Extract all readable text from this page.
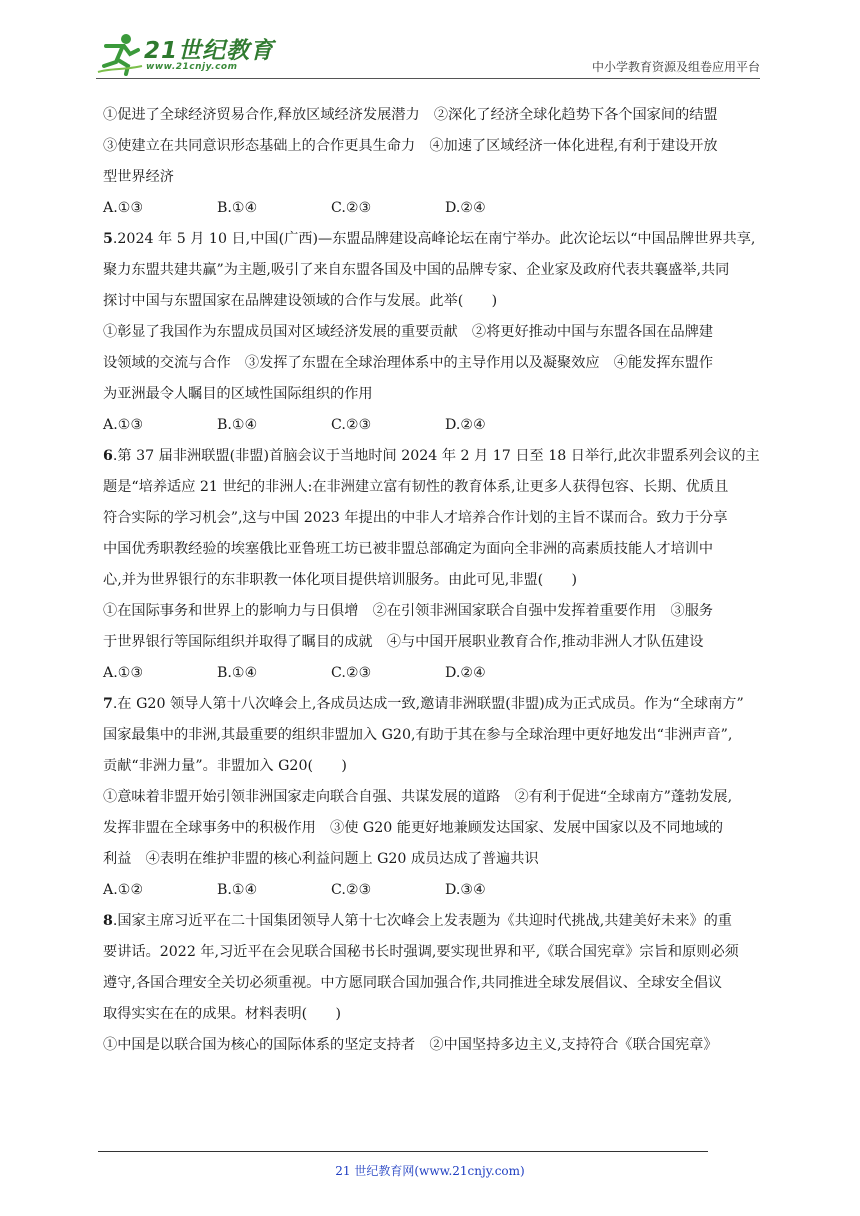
21世纪教育
www.21cnjy.com	中小学教育资源及组卷应用平台
①促进了全球经济贸易合作,释放区域经济发展潜力　②深化了经济全球化趋势下各个国家间的结盟
③使建立在共同意识形态基础上的合作更具生命力　④加速了区域经济一体化进程,有利于建设开放
型世界经济
A.①③	B.①④	C.②③	D.②④
5.2024 年 5 月 10 日,中国(广西)—东盟品牌建设高峰论坛在南宁举办。此次论坛以“中国品牌世界共享,
聚力东盟共建共赢”为主题,吸引了来自东盟各国及中国的品牌专家、企业家及政府代表共襄盛举,共同
探讨中国与东盟国家在品牌建设领域的合作与发展。此举(　　)
①彰显了我国作为东盟成员国对区域经济发展的重要贡献　②将更好推动中国与东盟各国在品牌建
设领域的交流与合作　③发挥了东盟在全球治理体系中的主导作用以及凝聚效应　④能发挥东盟作
为亚洲最令人瞩目的区域性国际组织的作用
A.①③	B.①④	C.②③	D.②④
6.第 37 届非洲联盟(非盟)首脑会议于当地时间 2024 年 2 月 17 日至 18 日举行,此次非盟系列会议的主
题是“培养适应 21 世纪的非洲人:在非洲建立富有韧性的教育体系,让更多人获得包容、长期、优质且
符合实际的学习机会”,这与中国 2023 年提出的中非人才培养合作计划的主旨不谋而合。致力于分享
中国优秀职教经验的埃塞俄比亚鲁班工坊已被非盟总部确定为面向全非洲的高素质技能人才培训中
心,并为世界银行的东非职教一体化项目提供培训服务。由此可见,非盟(　　)
①在国际事务和世界上的影响力与日俱增　②在引领非洲国家联合自强中发挥着重要作用　③服务
于世界银行等国际组织并取得了瞩目的成就　④与中国开展职业教育合作,推动非洲人才队伍建设
A.①③	B.①④	C.②③	D.②④
7.在 G20 领导人第十八次峰会上,各成员达成一致,邀请非洲联盟(非盟)成为正式成员。作为“全球南方”
国家最集中的非洲,其最重要的组织非盟加入 G20,有助于其在参与全球治理中更好地发出“非洲声音”,
贡献“非洲力量”。非盟加入 G20(　　)
①意味着非盟开始引领非洲国家走向联合自强、共谋发展的道路　②有利于促进“全球南方”蓬勃发展,
发挥非盟在全球事务中的积极作用　③使 G20 能更好地兼顾发达国家、发展中国家以及不同地域的
利益　④表明在维护非盟的核心利益问题上 G20 成员达成了普遍共识
A.①②	B.①④	C.②③	D.③④
8.国家主席习近平在二十国集团领导人第十七次峰会上发表题为《共迎时代挑战,共建美好未来》的重
要讲话。2022 年,习近平在会见联合国秘书长时强调,要实现世界和平,《联合国宪章》宗旨和原则必须
遵守,各国合理安全关切必须重视。中方愿同联合国加强合作,共同推进全球发展倡议、全球安全倡议
取得实实在在的成果。材料表明(　　)
①中国是以联合国为核心的国际体系的坚定支持者　②中国坚持多边主义,支持符合《联合国宪章》
21 世纪教育网(www.21cnjy.com)
